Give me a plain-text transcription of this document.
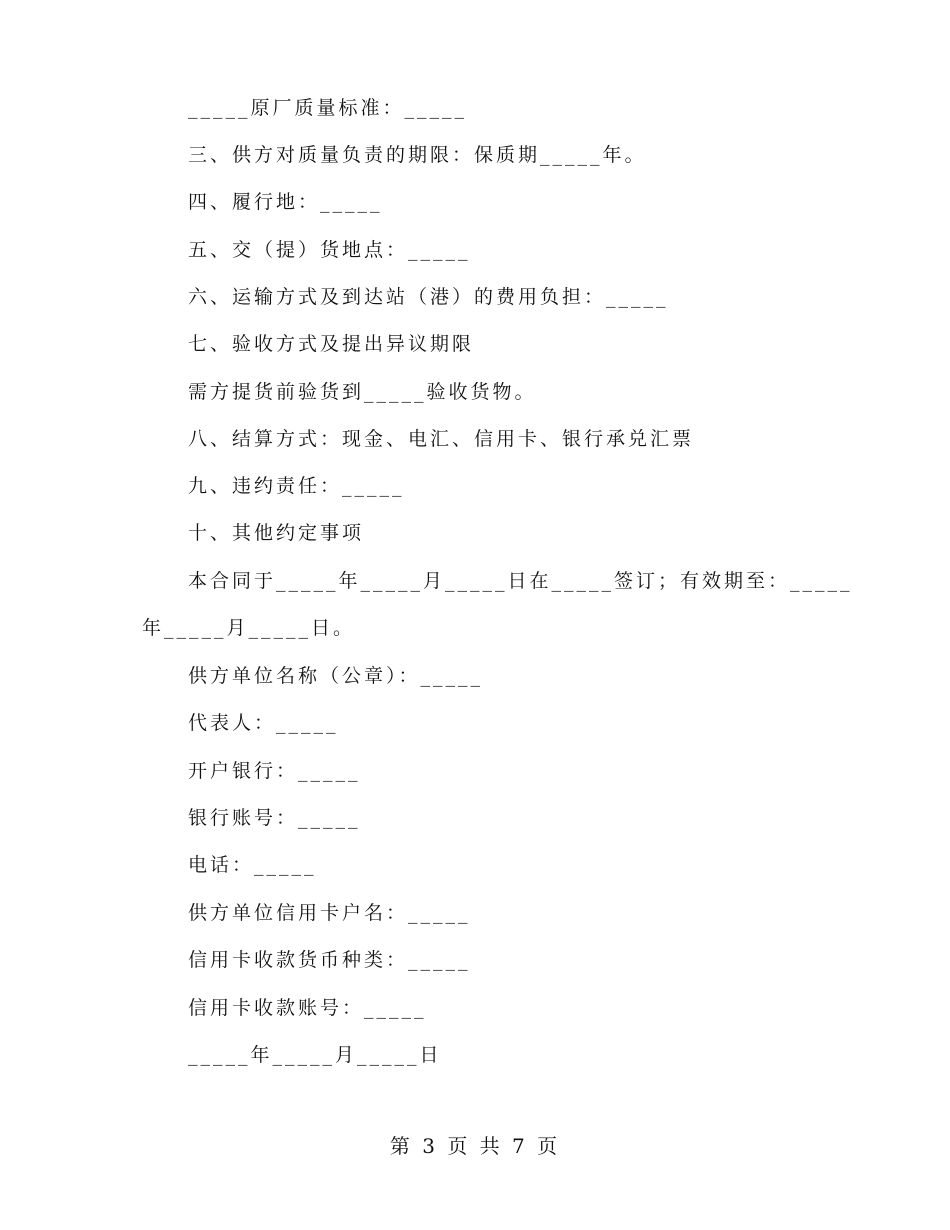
_____原厂质量标准：_____
三、供方对质量负责的期限：保质期_____年。
四、履行地：_____
五、交（提）货地点：_____
六、运输方式及到达站（港）的费用负担：_____
七、验收方式及提出异议期限
需方提货前验货到_____验收货物。
八、结算方式：现金、电汇、信用卡、银行承兑汇票
九、违约责任：_____
十、其他约定事项
本合同于_____年_____月_____日在_____签订；有效期至：_____
年_____月_____日。
供方单位名称（公章）：_____
代表人：_____
开户银行：_____
银行账号：_____
电话：_____
供方单位信用卡户名：_____
信用卡收款货币种类：_____
信用卡收款账号：_____
_____年_____月_____日
第 3 页 共 7 页
